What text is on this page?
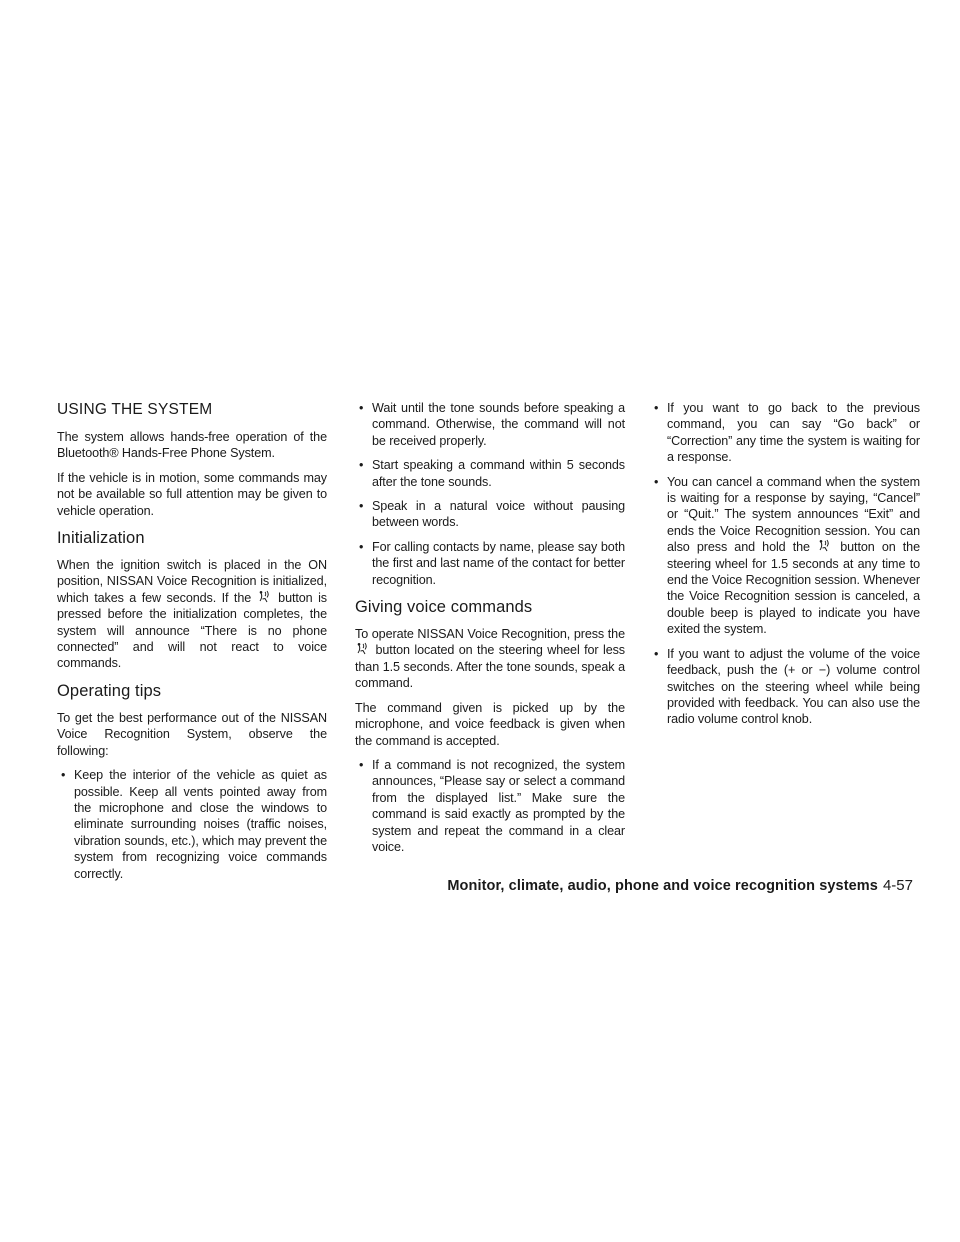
USING THE SYSTEM

The system allows hands-free operation of the Bluetooth® Hands-Free Phone System.

If the vehicle is in motion, some commands may not be available so full attention may be given to vehicle operation.

Initialization

When the ignition switch is placed in the ON position, NISSAN Voice Recognition is initialized, which takes a few seconds. If the button is pressed before the initialization completes, the system will announce “There is no phone connected” and will not react to voice commands.

Operating tips

To get the best performance out of the NISSAN Voice Recognition System, observe the following:

• Keep the interior of the vehicle as quiet as possible. Keep all vents pointed away from the microphone and close the windows to eliminate surrounding noises (traffic noises, vibration sounds, etc.), which may prevent the system from recognizing voice commands correctly.
• Wait until the tone sounds before speaking a command. Otherwise, the command will not be received properly.
• Start speaking a command within 5 seconds after the tone sounds.
• Speak in a natural voice without pausing between words.
• For calling contacts by name, please say both the first and last name of the contact for better recognition.
Giving voice commands

To operate NISSAN Voice Recognition, press the
button located on the steering wheel for less than 1.5 seconds. After the tone sounds, speak a command.

The command given is picked up by the microphone, and voice feedback is given when the command is accepted.

• If a command is not recognized, the system announces, “Please say or select a command from the displayed list.” Make sure the command is said exactly as prompted by the system and repeat the command in a clear voice.
• If you want to go back to the previous command, you can say “Go back” or “Correction” any time the system is waiting for a response.
• You can cancel a command when the system is waiting for a response by saying, “Cancel” or “Quit.” The system announces “Exit” and ends the Voice Recognition session. You can also press and hold the button on the steering wheel for 1.5 seconds at any time to end the Voice Recognition session. Whenever the Voice Recognition session is canceled, a double beep is played to indicate you have exited the system.
• If you want to adjust the volume of the voice feedback, push the (+ or −) volume control switches on the steering wheel while being provided with feedback. You can also use the radio volume control knob.
Monitor, climate, audio, phone and voice recognition systems 4-57
